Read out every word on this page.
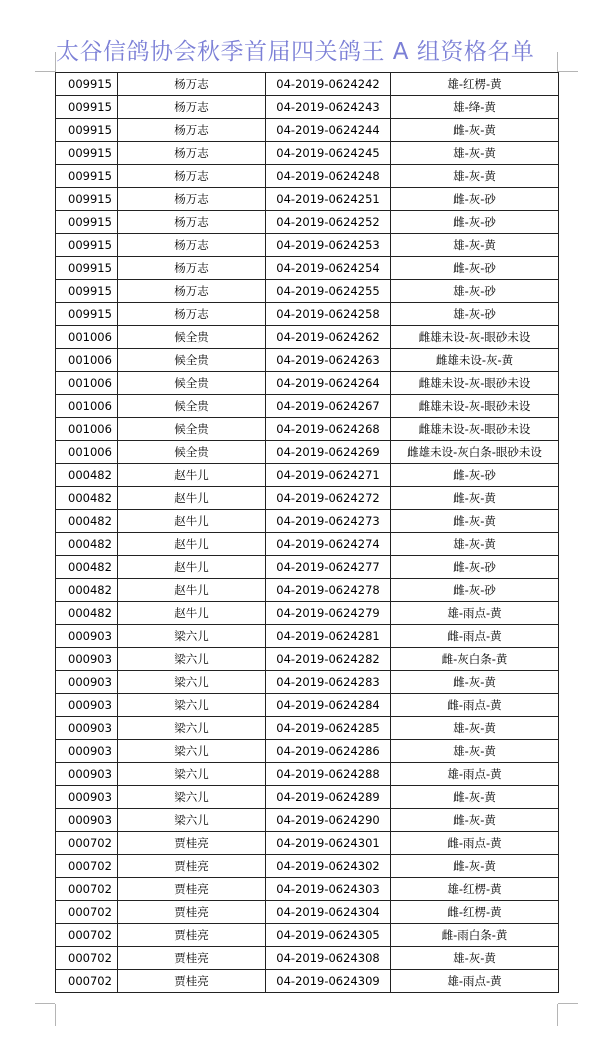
太谷信鸽协会秋季首届四关鸽王 A 组资格名单
009915	杨万志	04-2019-0624242	雄-红楞-黄
009915	杨万志	04-2019-0624243	雄-绛-黄
009915	杨万志	04-2019-0624244	雌-灰-黄
009915	杨万志	04-2019-0624245	雄-灰-黄
009915	杨万志	04-2019-0624248	雄-灰-黄
009915	杨万志	04-2019-0624251	雌-灰-砂
009915	杨万志	04-2019-0624252	雌-灰-砂
009915	杨万志	04-2019-0624253	雄-灰-黄
009915	杨万志	04-2019-0624254	雌-灰-砂
009915	杨万志	04-2019-0624255	雄-灰-砂
009915	杨万志	04-2019-0624258	雄-灰-砂
001006	候全贵	04-2019-0624262	雌雄未设-灰-眼砂未设
001006	候全贵	04-2019-0624263	雌雄未设-灰-黄
001006	候全贵	04-2019-0624264	雌雄未设-灰-眼砂未设
001006	候全贵	04-2019-0624267	雌雄未设-灰-眼砂未设
001006	候全贵	04-2019-0624268	雌雄未设-灰-眼砂未设
001006	候全贵	04-2019-0624269	雌雄未设-灰白条-眼砂未设
000482	赵牛儿	04-2019-0624271	雌-灰-砂
000482	赵牛儿	04-2019-0624272	雌-灰-黄
000482	赵牛儿	04-2019-0624273	雌-灰-黄
000482	赵牛儿	04-2019-0624274	雄-灰-黄
000482	赵牛儿	04-2019-0624277	雌-灰-砂
000482	赵牛儿	04-2019-0624278	雌-灰-砂
000482	赵牛儿	04-2019-0624279	雄-雨点-黄
000903	梁六儿	04-2019-0624281	雌-雨点-黄
000903	梁六儿	04-2019-0624282	雌-灰白条-黄
000903	梁六儿	04-2019-0624283	雌-灰-黄
000903	梁六儿	04-2019-0624284	雌-雨点-黄
000903	梁六儿	04-2019-0624285	雄-灰-黄
000903	梁六儿	04-2019-0624286	雄-灰-黄
000903	梁六儿	04-2019-0624288	雄-雨点-黄
000903	梁六儿	04-2019-0624289	雌-灰-黄
000903	梁六儿	04-2019-0624290	雌-灰-黄
000702	贾桂亮	04-2019-0624301	雌-雨点-黄
000702	贾桂亮	04-2019-0624302	雌-灰-黄
000702	贾桂亮	04-2019-0624303	雄-红楞-黄
000702	贾桂亮	04-2019-0624304	雌-红楞-黄
000702	贾桂亮	04-2019-0624305	雌-雨白条-黄
000702	贾桂亮	04-2019-0624308	雄-灰-黄
000702	贾桂亮	04-2019-0624309	雄-雨点-黄
